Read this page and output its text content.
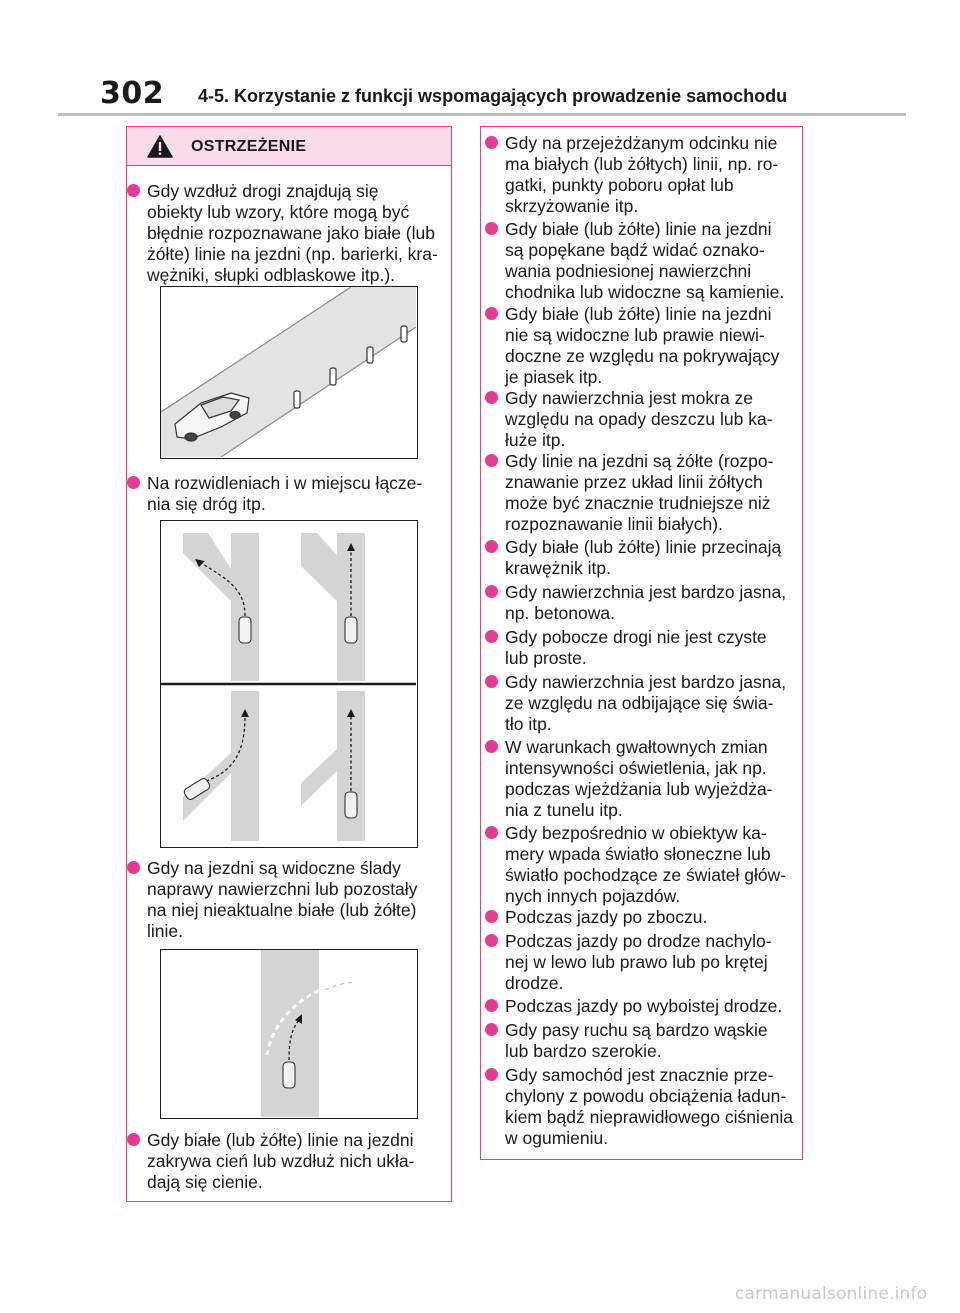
302 4-5. Korzystanie z funkcji wspomagających prowadzenie samochodu
OSTRZEŻENIE
Gdy wzdłuż drogi znajdują się
obiekty lub wzory, które mogą być
błędnie rozpoznawane jako białe (lub
żółte) linie na jezdni (np. barierki, kra-
wężniki, słupki odblaskowe itp.).
Na rozwidleniach i w miejscu łącze-
nia się dróg itp.
Gdy na jezdni są widoczne ślady
naprawy nawierzchni lub pozostały
na niej nieaktualne białe (lub żółte)
linie.
Gdy białe (lub żółte) linie na jezdni
zakrywa cień lub wzdłuż nich ukła-
dają się cienie.
Gdy na przejeżdżanym odcinku nie
ma białych (lub żółtych) linii, np. ro-
gatki, punkty poboru opłat lub
skrzyżowanie itp.
Gdy białe (lub żółte) linie na jezdni
są popękane bądź widać oznako-
wania podniesionej nawierzchni
chodnika lub widoczne są kamienie.
Gdy białe (lub żółte) linie na jezdni
nie są widoczne lub prawie niewi-
doczne ze względu na pokrywający
je piasek itp.
Gdy nawierzchnia jest mokra ze
względu na opady deszczu lub ka-
łuże itp.
Gdy linie na jezdni są żółte (rozpo-
znawanie przez układ linii żółtych
może być znacznie trudniejsze niż
rozpoznawanie linii białych).
Gdy białe (lub żółte) linie przecinają
krawężnik itp.
Gdy nawierzchnia jest bardzo jasna,
np. betonowa.
Gdy pobocze drogi nie jest czyste
lub proste.
Gdy nawierzchnia jest bardzo jasna,
ze względu na odbijające się świa-
tło itp.
W warunkach gwałtownych zmian
intensywności oświetlenia, jak np.
podczas wjeżdżania lub wyjeżdża-
nia z tunelu itp.
Gdy bezpośrednio w obiektyw ka-
mery wpada światło słoneczne lub
światło pochodzące ze świateł głów-
nych innych pojazdów.
Podczas jazdy po zboczu.
Podczas jazdy po drodze nachylo-
nej w lewo lub prawo lub po krętej
drodze.
Podczas jazdy po wyboistej drodze.
Gdy pasy ruchu są bardzo wąskie
lub bardzo szerokie.
Gdy samochód jest znacznie prze-
chylony z powodu obciążenia ładun-
kiem bądź nieprawidłowego ciśnienia
w ogumieniu.
carmanualsonline.info
